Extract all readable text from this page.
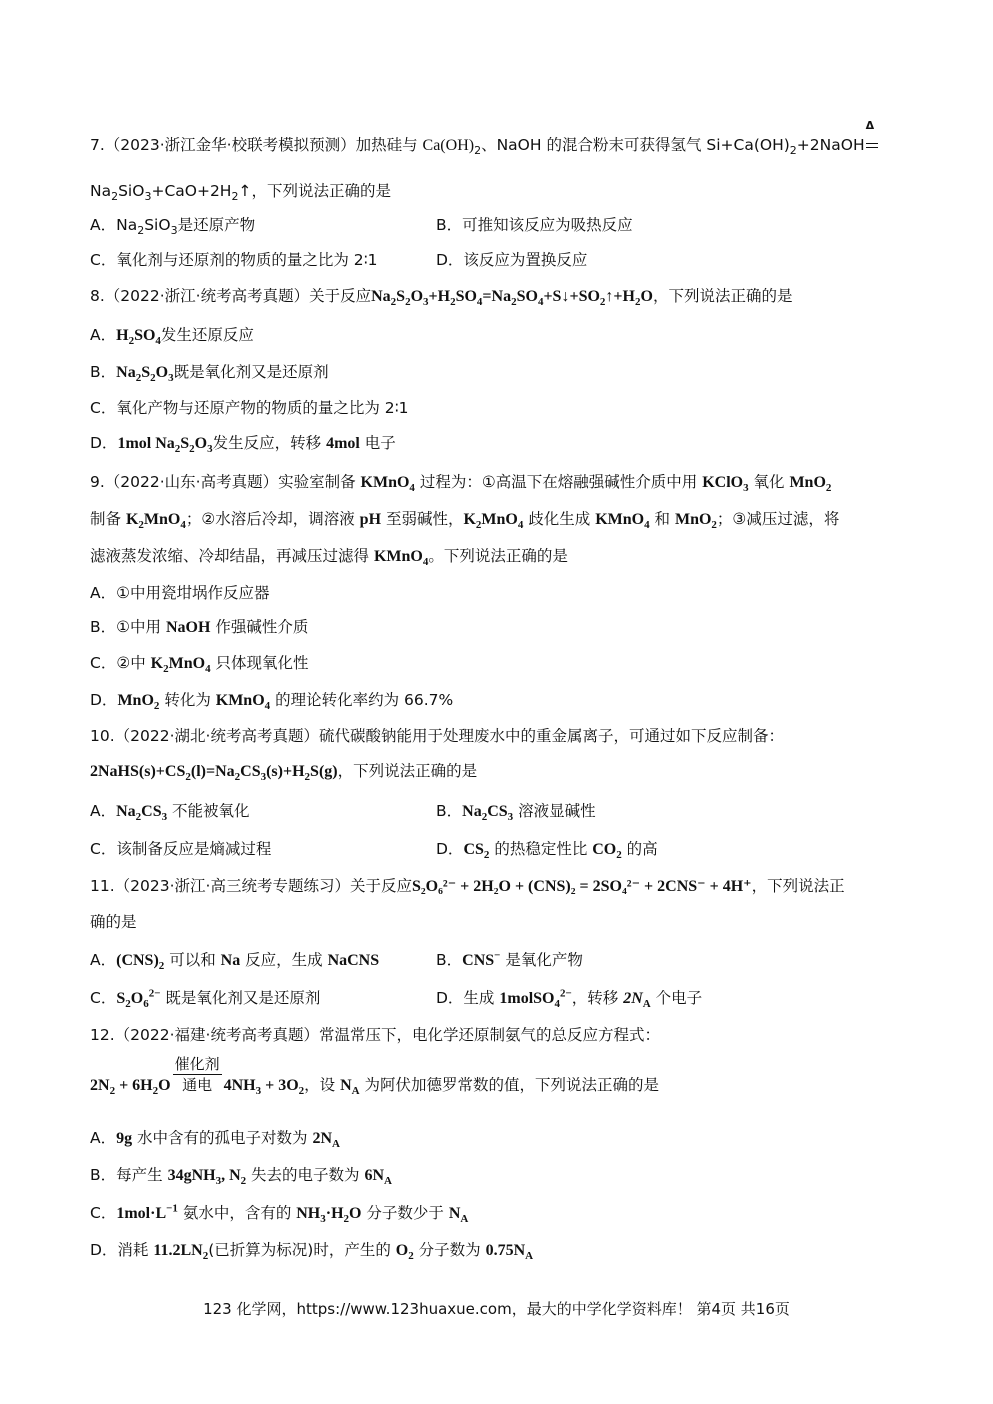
7.（2023·浙江金华·校联考模拟预测）加热硅与 $Ca(OH)_2$、NaOH 的混合粉末可获得氢气 $Si+Ca(OH)_2+2NaOH$
Δ
$Na_2SiO_3+CaO+2H_2↑$，下列说法正确的是
A．$Na_2SiO_3$是还原产物	B．可推知该反应为吸热反应
C．氧化剂与还原剂的物质的量之比为 2∶1	D．该反应为置换反应
8.（2022·浙江·统考高考真题）关于反应$Na_2S_2O_3+H_2SO_4=Na_2SO_4+S↓+SO_2↑+H_2O$，下列说法正确的是
A．$H_2SO_4$发生还原反应
B．$Na_2S_2O_3$既是氧化剂又是还原剂
C．氧化产物与还原产物的物质的量之比为 2∶1
D．1mol $Na_2S_2O_3$发生反应，转移 4mol 电子
9.（2022·山东·高考真题）实验室制备 KMnO$_4$ 过程为：①高温下在熔融强碱性介质中用 KClO$_3$ 氧化 MnO$_2$
制备 $K_2MnO_4$；②水溶后冷却，调溶液 pH 至弱碱性，$K_2MnO_4$ 歧化生成 KMnO$_4$ 和 MnO$_2$；③减压过滤，将
滤液蒸发浓缩、冷却结晶，再减压过滤得 KMnO$_4$。下列说法正确的是
A．①中用瓷坩埚作反应器
B．①中用 NaOH 作强碱性介质
C．②中 $K_2MnO_4$ 只体现氧化性
D．MnO$_2$ 转化为 KMnO$_4$ 的理论转化率约为 66.7%
10.（2022·湖北·统考高考真题）硫代碳酸钠能用于处理废水中的重金属离子，可通过如下反应制备：
$2NaHS(s)+CS_2(l)=Na_2CS_3(s)+H_2S(g)$，下列说法正确的是
A．$Na_2CS_3$ 不能被氧化	B．$Na_2CS_3$ 溶液显碱性
C．该制备反应是熵减过程	D．$CS_2$ 的热稳定性比 $CO_2$ 的高
11.（2023·浙江·高三统考专题练习）关于反应S₂O₆²⁻ + 2H₂O + (CNS)₂ = 2SO₄²⁻ + 2CNS⁻ + 4H⁺，下列说法正
确的是
A．$(CNS)_2$ 可以和 Na 反应，生成 NaCNS	B．CNS− 是氧化产物
C．$S_2O_6^{2-}$ 既是氧化剂又是还原剂	D．生成 1molSO$_4^{2-}$，转移 $2N_A$ 个电子
12.（2022·福建·统考高考真题）常温常压下，电化学还原制氨气的总反应方程式：
$2N_2 + 6H_2O \frac{\text{催化剂}}{\text{通电}} 4NH_3 + 3O_2$，设 $N_A$ 为阿伏加德罗常数的值，下列说法正确的是
A．9g 水中含有的孤电子对数为 $2N_A$
B．每产生 34gNH$_3$, $N_2$ 失去的电子数为 $6N_A$
C．$1mol\cdot L^{-1}$ 氨水中，含有的 $NH_3\cdot H_2O$ 分子数少于 $N_A$
D．消耗 $11.2LN_2$(已折算为标况)时，产生的 $O_2$ 分子数为 $0.75N_A$
123 化学网，https://www.123huaxue.com，最大的中学化学资料库！ 第4页 共16页
